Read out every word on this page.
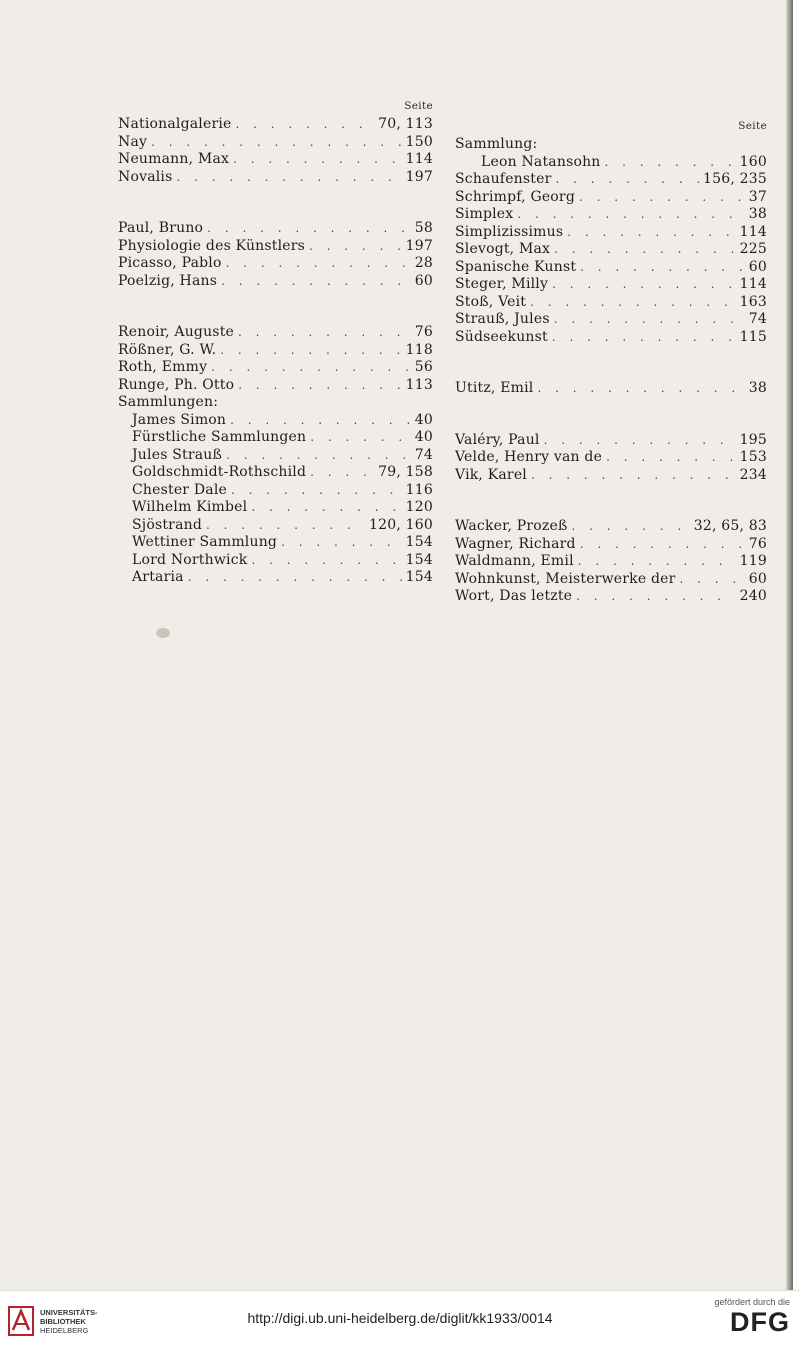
Seite
Nationalgalerie . . .	70, 113
Nay . . .	150
Neumann, Max . . .	114
Novalis . . .	197
Paul, Bruno . . .	58
Physiologie des Künstlers . . .	197
Picasso, Pablo . . .	28
Poelzig, Hans . . .	60
Renoir, Auguste . . .	76
Rößner, G. W. . . .	118
Roth, Emmy . . .	56
Runge, Ph. Otto . . .	113
Sammlungen:
James Simon . . .	40
Fürstliche Sammlungen . . .	40
Jules Strauß . . .	74
Goldschmidt-Rothschild . . .	79, 158
Chester Dale . . .	116
Wilhelm Kimbel . . .	120
Sjöstrand . . .	120, 160
Wettiner Sammlung . . .	154
Lord Northwick . . .	154
Artaria . . .	154
Seite
Sammlung:
Leon Natansohn . . .	160
Schaufenster . . .	156, 235
Schrimpf, Georg . . .	37
Simplex . . .	38
Simplizissimus . . .	114
Slevogt, Max . . .	225
Spanische Kunst . . .	60
Steger, Milly . . .	114
Stoß, Veit . . .	163
Strauß, Jules . . .	74
Südseekunst . . .	115
Utitz, Emil . . .	38
Valéry, Paul . . .	195
Velde, Henry van de . . .	153
Vik, Karel . . .	234
Wacker, Prozeß . . .	32, 65, 83
Wagner, Richard . . .	76
Waldmann, Emil . . .	119
Wohnkunst, Meisterwerke der . . .	60
Wort, Das letzte . . .	240
UNIVERSITÄTS-
BIBLIOTHEK
HEIDELBERG
http://digi.ub.uni-heidelberg.de/diglit/kk1933/0014
gefördert durch die
DFG
